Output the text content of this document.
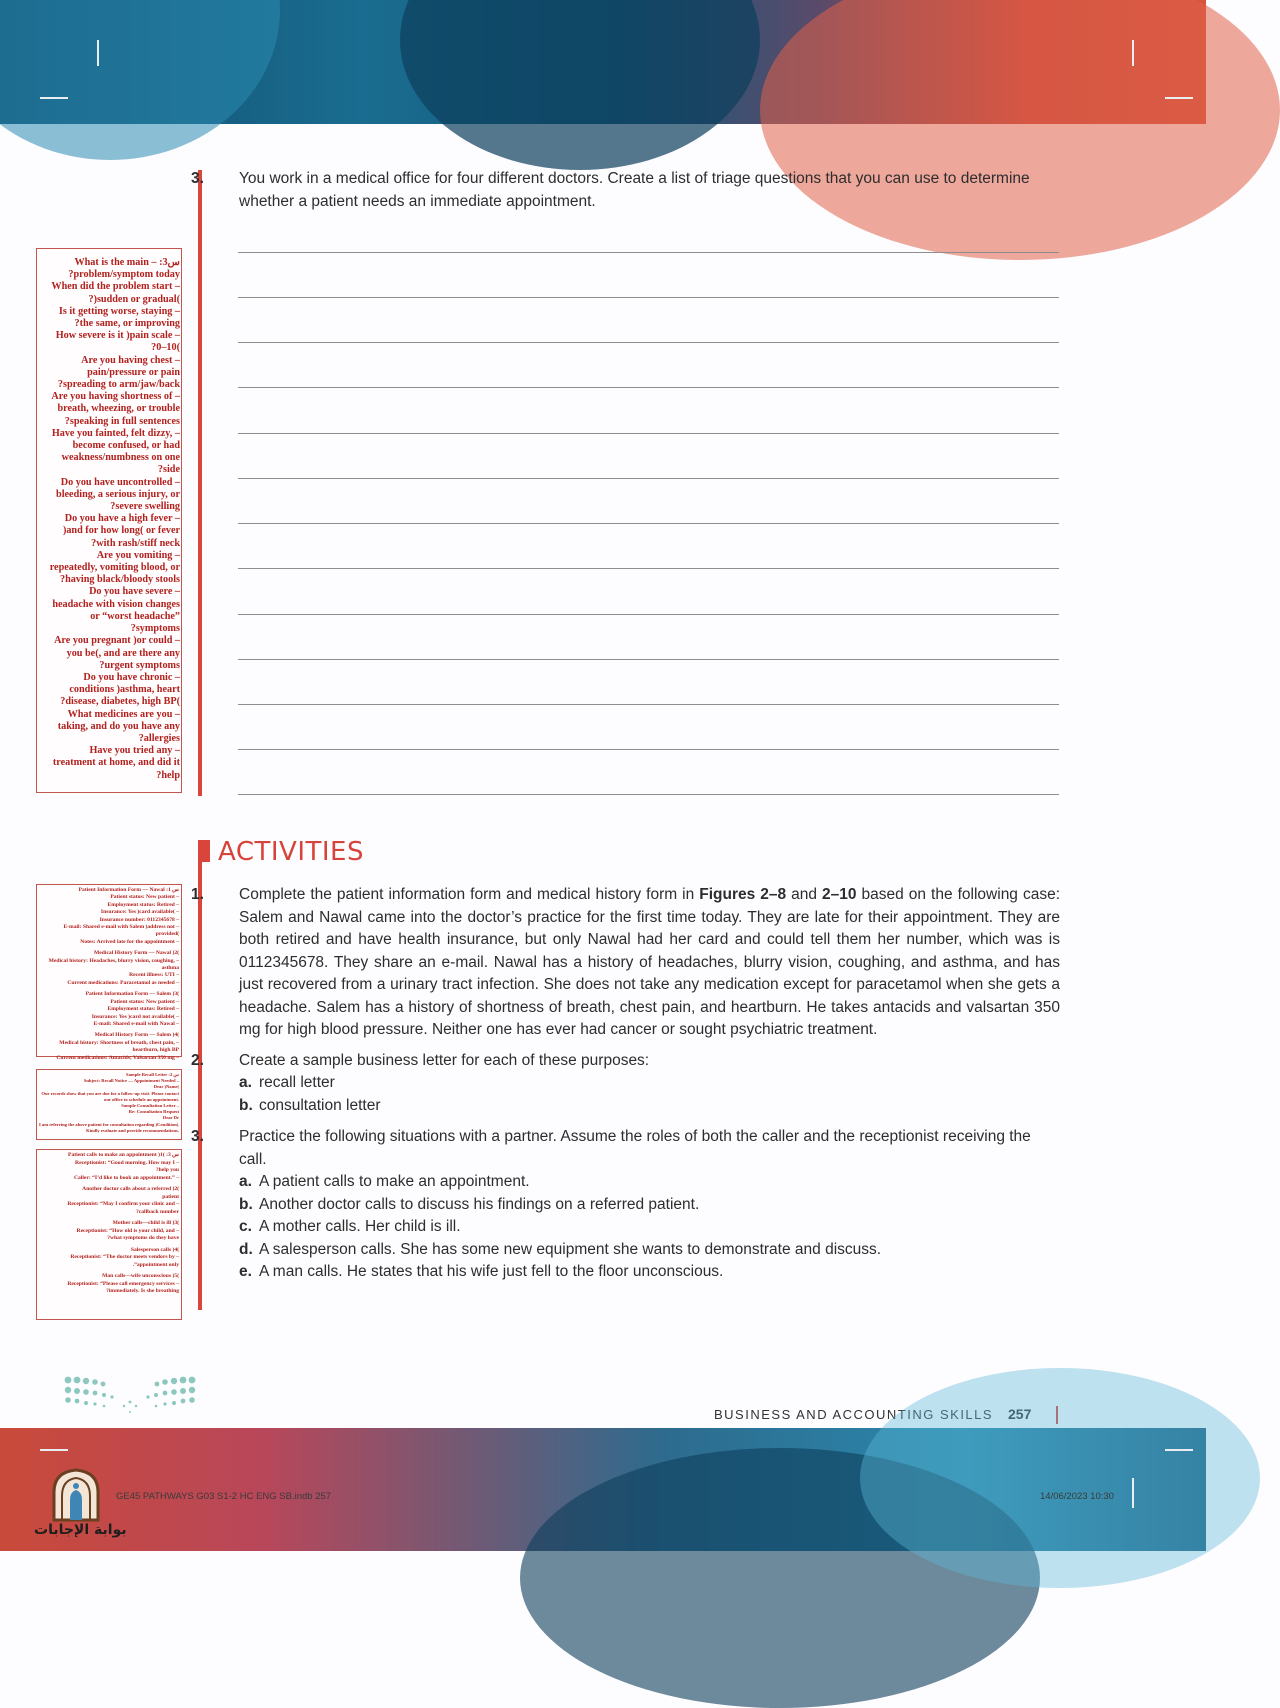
3. You work in a medical office for four different doctors. Create a list of triage questions that you can use to determine whether a patient needs an immediate appointment.
What is the main – :3س
?problem/symptom today
When did the problem start –
?)sudden or gradual(
Is it getting worse, staying –
?the same, or improving
How severe is it )pain scale –
?0–10(
Are you having chest –
pain/pressure or pain
?spreading to arm/jaw/back
Are you having shortness of –
breath, wheezing, or trouble
?speaking in full sentences
Have you fainted, felt dizzy, –
become confused, or had
weakness/numbness on one
?side
Do you have uncontrolled –
bleeding, a serious injury, or
?severe swelling
Do you have a high fever –
)and for how long( or fever
?with rash/stiff neck
Are you vomiting –
repeatedly, vomiting blood, or
?having black/bloody stools
Do you have severe –
headache with vision changes
or “worst headache”
?symptoms
Are you pregnant )or could –
you be(, and are there any
?urgent symptoms
Do you have chronic –
conditions )asthma, heart
?disease, diabetes, high BP(
What medicines are you –
taking, and do you have any
?allergies
Have you tried any –
treatment at home, and did it
?help
Patient Information Form — Nawal :1 س
Patient status: New patient –
Employment status: Retired –
Insurance: Yes )card available( –
Insurance number: 0112345678 –
E-mail: Shared e-mail with Salem )address not –
provided(
Notes: Arrived late for the appointment –
Medical History Form — Nawal )2(
Medical history: Headaches, blurry vision, coughing, –
asthma
Recent illness: UTI –
Current medications: Paracetamol as needed –
Patient Information Form — Salem )3(
Patient status: New patient –
Employment status: Retired –
Insurance: Yes )card not available( –
E-mail: Shared e-mail with Nawal –
Medical History Form — Salem )4(
Medical history: Shortness of breath, chest pain, –
heartburn, high BP
Current medications: Antacids; Valsartan 350 mg –
Sample Recall Letter :2 س
Subject: Recall Notice — Appointment Needed –
Dear )Name(
Our records show that you are due for a follow-up visit. Please contact
our office to schedule an appointment.
Sample Consultation Letter –
Re: Consultation Request
Dear Dr
I am referring the above patient for consultation regarding )Condition(.
Kindly evaluate and provide recommendations.
Patient calls to make an appointment )1( :3 س
Receptionist: “Good morning. How may I –
?help you
Caller: “I’d like to book an appointment.” –
Another doctor calls about a referred )2(
patient
Receptionist: “May I confirm your clinic and –
?callback number
Mother calls—child is ill )3(
Receptionist: “How old is your child, and –
?what symptoms do they have
Salesperson calls )4(
Receptionist: “The doctor meets vendors by –
.”appointment only
Man calls—wife unconscious )5(
Receptionist: “Please call emergency services –
?immediately. Is she breathing
ACTIVITIES
1. Complete the patient information form and medical history form in Figures 2–8 and 2–10 based on the following case: Salem and Nawal came into the doctor’s practice for the first time today. They are late for their appointment. They are both retired and have health insurance, but only Nawal had her card and could tell them her number, which was is 0112345678. They share an e-mail. Nawal has a history of headaches, blurry vision, coughing, and asthma, and has just recovered from a urinary tract infection. She does not take any medication except for paracetamol when she gets a headache. Salem has a history of shortness of breath, chest pain, and heartburn. He takes antacids and valsartan 350 mg for high blood pressure. Neither one has ever had cancer or sought psychiatric treatment.
2. Create a sample business letter for each of these purposes:
a. recall letter
b. consultation letter
3. Practice the following situations with a partner. Assume the roles of both the caller and the receptionist receiving the call.
a. A patient calls to make an appointment.
b. Another doctor calls to discuss his findings on a referred patient.
c. A mother calls. Her child is ill.
d. A salesperson calls. She has some new equipment she wants to demonstrate and discuss.
e. A man calls. He states that his wife just fell to the floor unconscious.
BUSINESS AND ACCOUNTING SKILLS 257
GE45 PATHWAYS G03 S1-2 HC ENG SB.indb 257	14/06/2023 10:30
بوابة الإجابات
